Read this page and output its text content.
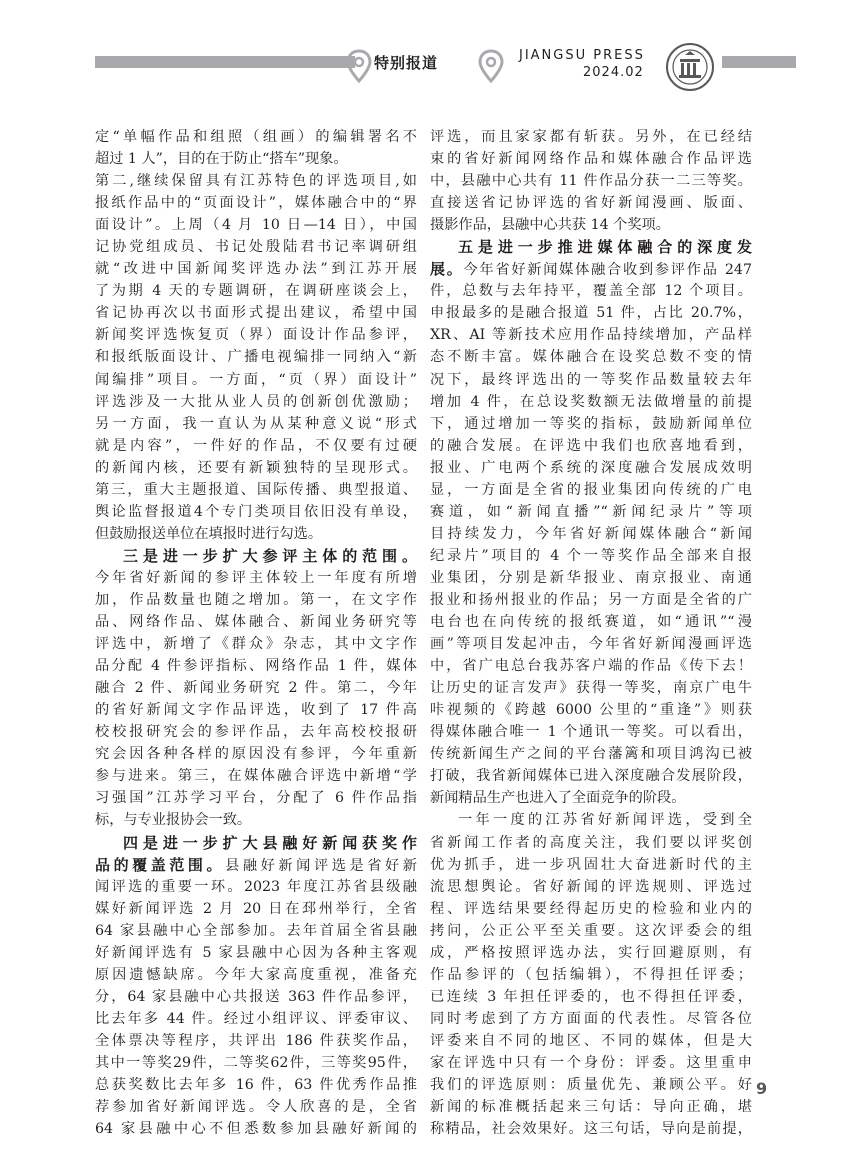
特别报道	JIANGSU PRESS
2024.02
定“单幅作品和组照（组画）的编辑署名不
超过 1 人”，目的在于防止“搭车”现象。
第二,继续保留具有江苏特色的评选项目,如
报纸作品中的“页面设计”，媒体融合中的“界
面设计”。上周（4 月 10 日—14 日），中国
记协党组成员、书记处殷陆君书记率调研组
就“改进中国新闻奖评选办法”到江苏开展
了为期 4 天的专题调研，在调研座谈会上，
省记协再次以书面形式提出建议，希望中国
新闻奖评选恢复页（界）面设计作品参评，
和报纸版面设计、广播电视编排一同纳入“新
闻编排”项目。一方面，“页（界）面设计”
评选涉及一大批从业人员的创新创优激励；
另一方面，我一直认为从某种意义说“形式
就是内容”，一件好的作品，不仅要有过硬
的新闻内核，还要有新颖独特的呈现形式。
第三，重大主题报道、国际传播、典型报道、
舆论监督报道4个专门类项目依旧没有单设，
但鼓励报送单位在填报时进行勾选。
三是进一步扩大参评主体的范围。
今年省好新闻的参评主体较上一年度有所增
加，作品数量也随之增加。第一，在文字作
品、网络作品、媒体融合、新闻业务研究等
评选中，新增了《群众》杂志，其中文字作
品分配 4 件参评指标、网络作品 1 件，媒体
融合 2 件、新闻业务研究 2 件。第二，今年
的省好新闻文字作品评选，收到了 17 件高
校校报研究会的参评作品，去年高校校报研
究会因各种各样的原因没有参评，今年重新
参与进来。第三，在媒体融合评选中新增“学
习强国”江苏学习平台，分配了 6 件作品指
标，与专业报协会一致。
四是进一步扩大县融好新闻获奖作
品的覆盖范围。县融好新闻评选是省好新
闻评选的重要一环。2023 年度江苏省县级融
媒好新闻评选 2 月 20 日在邳州举行，全省
64 家县融中心全部参加。去年首届全省县融
好新闻评选有 5 家县融中心因为各种主客观
原因遗憾缺席。今年大家高度重视，准备充
分，64 家县融中心共报送 363 件作品参评，
比去年多 44 件。经过小组评议、评委审议、
全体票决等程序，共评出 186 件获奖作品，
其中一等奖29件，二等奖62件，三等奖95件，
总获奖数比去年多 16 件，63 件优秀作品推
荐参加省好新闻评选。令人欣喜的是，全省
64 家县融中心不但悉数参加县融好新闻的
评选，而且家家都有斩获。另外，在已经结
束的省好新闻网络作品和媒体融合作品评选
中，县融中心共有 11 件作品分获一二三等奖。
直接送省记协评选的省好新闻漫画、版面、
摄影作品，县融中心共获 14 个奖项。
五是进一步推进媒体融合的深度发
展。今年省好新闻媒体融合收到参评作品 247
件，总数与去年持平，覆盖全部 12 个项目。
申报最多的是融合报道 51 件，占比 20.7%，
XR、AI 等新技术应用作品持续增加，产品样
态不断丰富。媒体融合在设奖总数不变的情
况下，最终评选出的一等奖作品数量较去年
增加 4 件，在总设奖数额无法做增量的前提
下，通过增加一等奖的指标，鼓励新闻单位
的融合发展。在评选中我们也欣喜地看到，
报业、广电两个系统的深度融合发展成效明
显，一方面是全省的报业集团向传统的广电
赛道，如“新闻直播”“新闻纪录片”等项
目持续发力，今年省好新闻媒体融合“新闻
纪录片”项目的 4 个一等奖作品全部来自报
业集团，分别是新华报业、南京报业、南通
报业和扬州报业的作品；另一方面是全省的广
电台也在向传统的报纸赛道，如“通讯”“漫
画”等项目发起冲击，今年省好新闻漫画评选
中，省广电总台我苏客户端的作品《传下去！
让历史的证言发声》获得一等奖，南京广电牛
咔视频的《跨越 6000 公里的“重逢”》则获
得媒体融合唯一 1 个通讯一等奖。可以看出，
传统新闻生产之间的平台藩篱和项目鸿沟已被
打破，我省新闻媒体已进入深度融合发展阶段，
新闻精品生产也进入了全面竞争的阶段。
一年一度的江苏省好新闻评选，受到全
省新闻工作者的高度关注，我们要以评奖创
优为抓手，进一步巩固壮大奋进新时代的主
流思想舆论。省好新闻的评选规则、评选过
程、评选结果要经得起历史的检验和业内的
拷问，公正公平至关重要。这次评委会的组
成，严格按照评选办法，实行回避原则，有
作品参评的（包括编辑），不得担任评委；
已连续 3 年担任评委的，也不得担任评委，
同时考虑到了方方面面的代表性。尽管各位
评委来自不同的地区、不同的媒体，但是大
家在评选中只有一个身份：评委。这里重申
我们的评选原则：质量优先、兼顾公平。好
新闻的标准概括起来三句话：导向正确，堪
称精品，社会效果好。这三句话，导向是前提，
9
